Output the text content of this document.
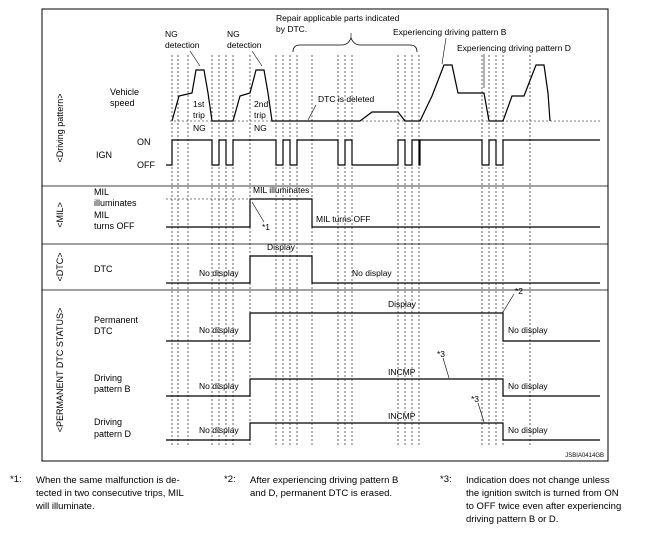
Repair applicable parts indicated
by DTC.
NG
detection
NG
detection
Experiencing driving pattern B
Experiencing driving pattern D
<Driving pattern>
<MIL>
<DTC>
<PERMANENT DTC STATUS>
Vehicle
speed	1st
trip
NG
2nd
trip
NG
DTC is deleted
IGN
ON
OFF
MIL
illuminates
MIL
turns OFF
MIL illuminates
MIL turns OFF
*1
DTC	No display
Display
No display
Permanent
DTC	No display
Display
No display
*2
Driving
pattern B	No display
INCMP
No display
*3
Driving
pattern D	No display
INCMP
No display
*3
JSBIA0414GB
*1: When the same malfunction is de-
tected in two consecutive trips, MIL
will illuminate.
*2: After experiencing driving pattern B
and D, permanent DTC is erased.
*3: Indication does not change unless
the ignition switch is turned from ON
to OFF twice even after experiencing
driving pattern B or D.
